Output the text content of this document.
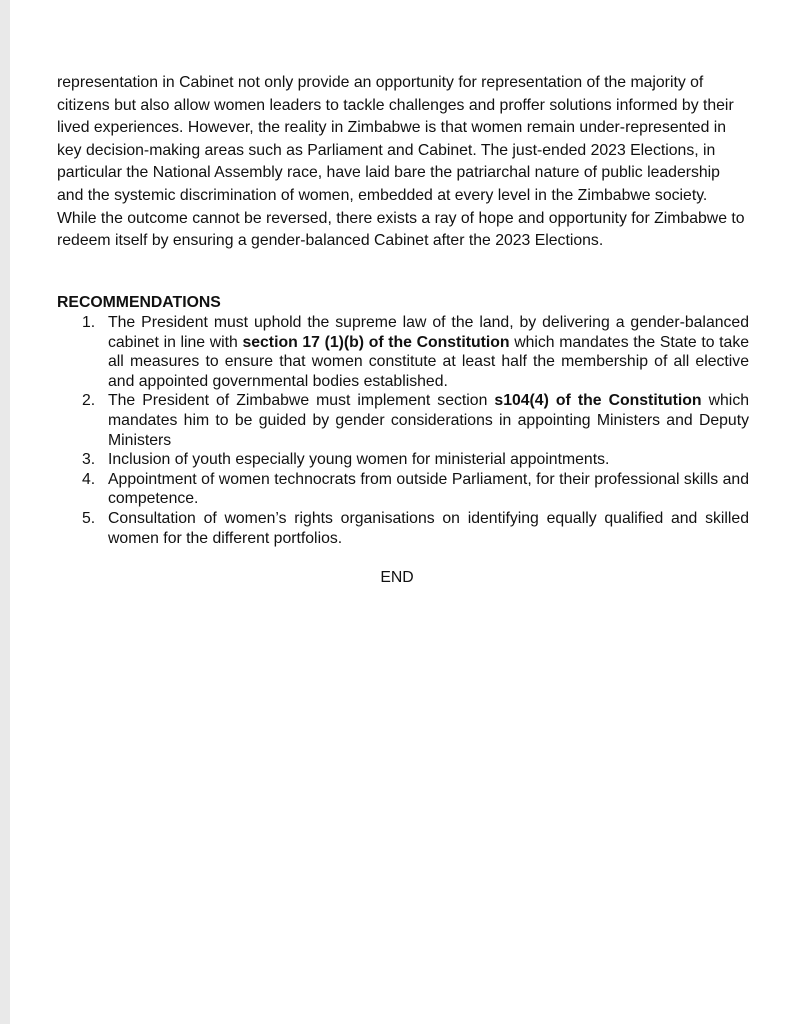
representation in Cabinet not only provide an opportunity for representation of the majority of citizens but also allow women leaders to tackle challenges and proffer solutions informed by their lived experiences. However, the reality in Zimbabwe is that women remain under-represented in key decision-making areas such as Parliament and Cabinet. The just-ended 2023 Elections, in particular the National Assembly race, have laid bare the patriarchal nature of public leadership and the systemic discrimination of women, embedded at every level in the Zimbabwe society. While the outcome cannot be reversed, there exists a ray of hope and opportunity for Zimbabwe to redeem itself by ensuring a gender-balanced Cabinet after the 2023 Elections.

RECOMMENDATIONS

1. The President must uphold the supreme law of the land, by delivering a gender-balanced cabinet in line with section 17 (1)(b) of the Constitution which mandates the State to take all measures to ensure that women constitute at least half the membership of all elective and appointed governmental bodies established.
2. The President of Zimbabwe must implement section s104(4) of the Constitution which mandates him to be guided by gender considerations in appointing Ministers and Deputy Ministers
3. Inclusion of youth especially young women for ministerial appointments.
4. Appointment of women technocrats from outside Parliament, for their professional skills and competence.
5. Consultation of women’s rights organisations on identifying equally qualified and skilled women for the different portfolios.

END
